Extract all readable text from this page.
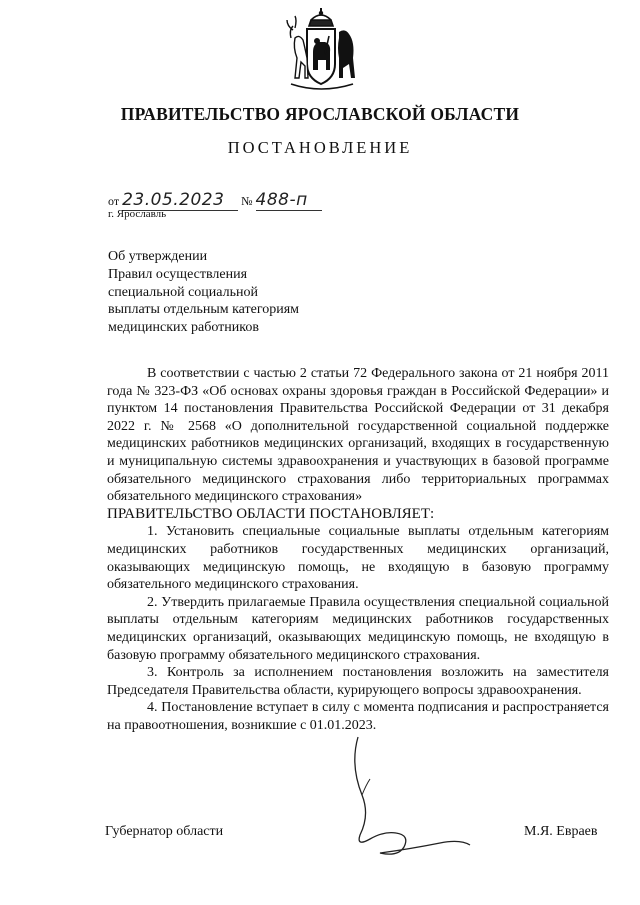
ПРАВИТЕЛЬСТВО ЯРОСЛАВСКОЙ ОБЛАСТИ
ПОСТАНОВЛЕНИЕ
от 23.05.2023 № 488-п
г. Ярославль
Об утверждении
Правил осуществления
специальной социальной
выплаты отдельным категориям
медицинских работников

В соответствии с частью 2 статьи 72 Федерального закона от 21 ноября 2011 года № 323-ФЗ «Об основах охраны здоровья граждан в Российской Федерации» и пунктом 14 постановления Правительства Российской Федерации от 31 декабря 2022 г. № 2568 «О дополнительной государственной социальной поддержке медицинских работников медицинских организаций, входящих в государственную и муниципальную системы здравоохранения и участвующих в базовой программе обязательного медицинского страхования либо территориальных программах обязательного медицинского страхования»

ПРАВИТЕЛЬСТВО ОБЛАСТИ ПОСТАНОВЛЯЕТ:

1. Установить специальные социальные выплаты отдельным категориям медицинских работников государственных медицинских организаций, оказывающих медицинскую помощь, не входящую в базовую программу обязательного медицинского страхования.

2. Утвердить прилагаемые Правила осуществления специальной социальной выплаты отдельным категориям медицинских работников государственных медицинских организаций, оказывающих медицинскую помощь, не входящую в базовую программу обязательного медицинского страхования.

3. Контроль за исполнением постановления возложить на заместителя Председателя Правительства области, курирующего вопросы здравоохранения.

4. Постановление вступает в силу с момента подписания и распространяется на правоотношения, возникшие с 01.01.2023.

Губернатор области	М.Я. Евраев
